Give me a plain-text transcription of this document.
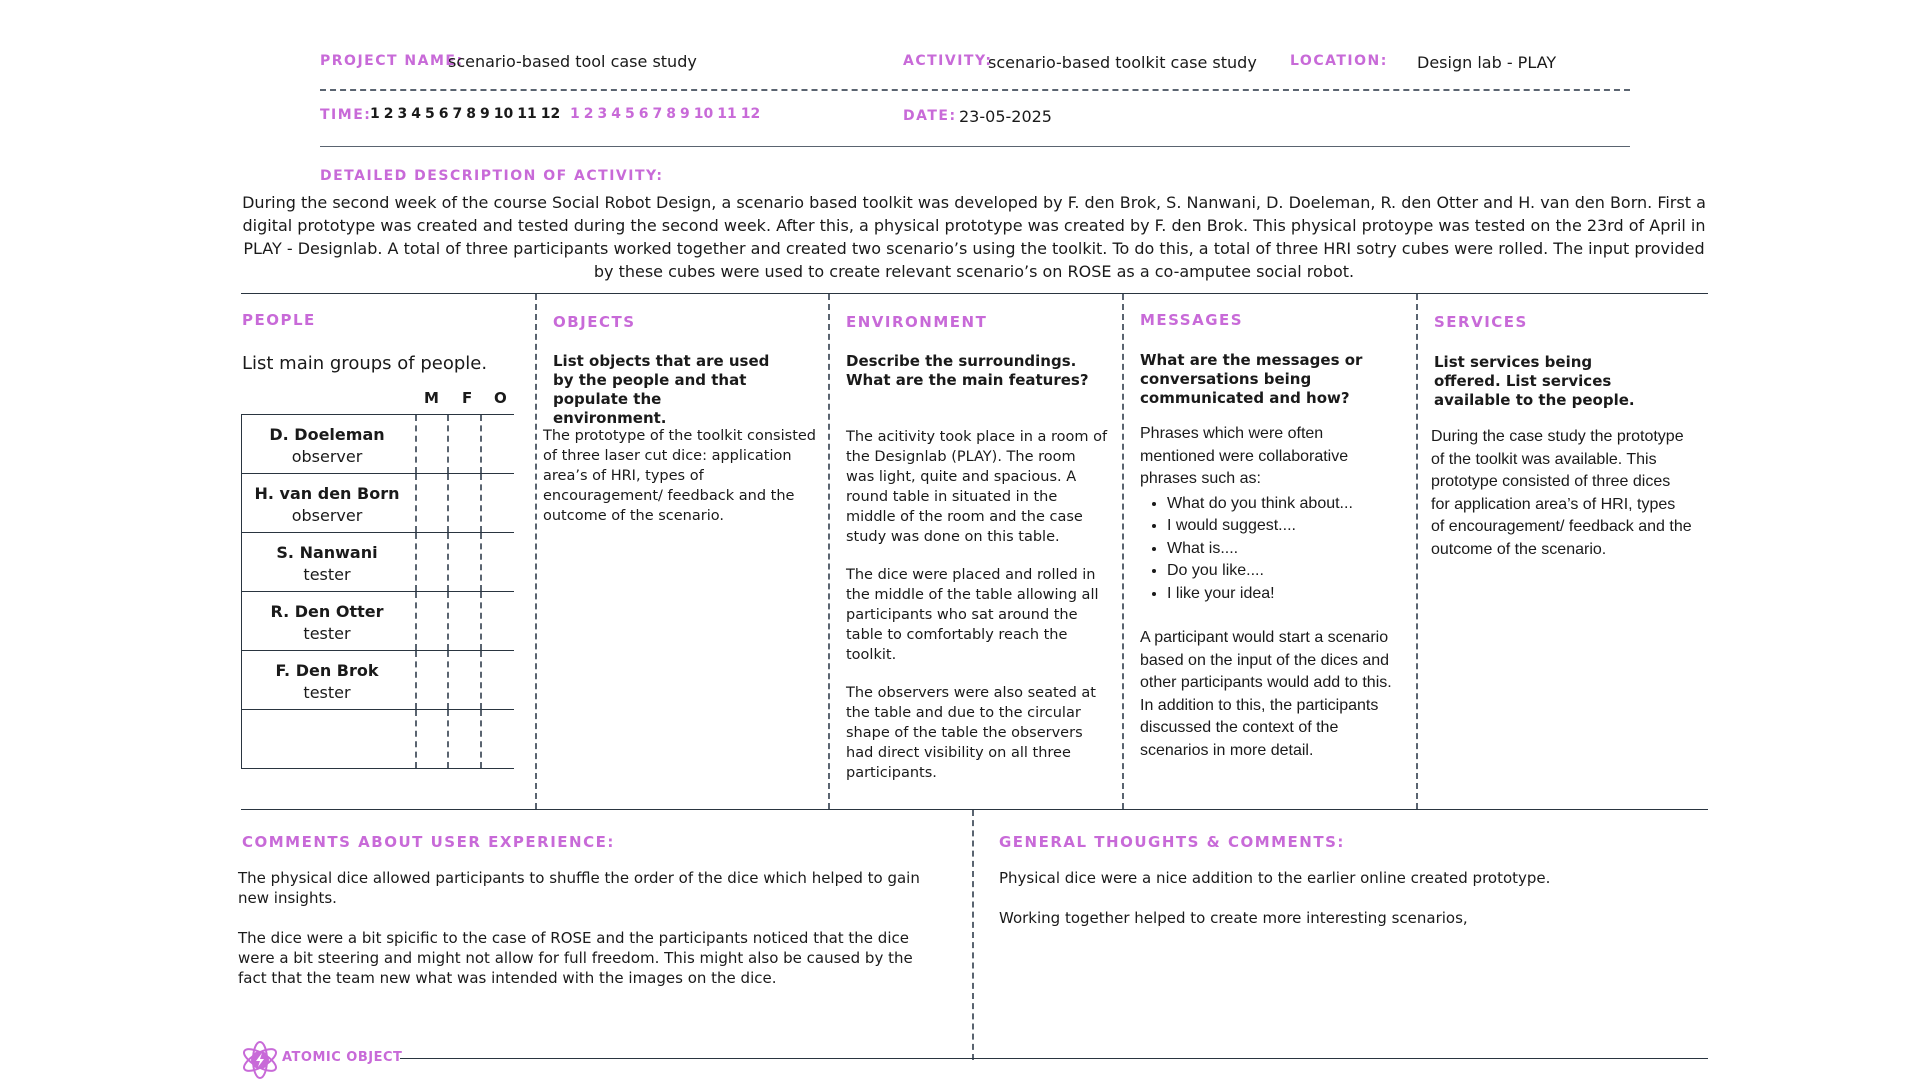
PROJECT NAME:
scenario-based tool case study	ACTIVITY:
scenario-based toolkit case study LOCATION: Design lab - PLAY
TIME:
1 2 3 4 5 6 7 8 9 10 11 12 1 2 3 4 5 6 7 8 9 10 11 12	DATE: 23-05-2025
DETAILED DESCRIPTION OF ACTIVITY:
During the second week of the course Social Robot Design, a scenario based toolkit was developed by F. den Brok, S. Nanwani, D. Doeleman, R. den Otter and H. van den Born. First a digital prototype was created and tested during the second week. After this, a physical prototype was created by F. den Brok. This physical protoype was tested on the 23rd of April in PLAY - Designlab. A total of three participants worked together and created two scenario’s using the toolkit. To do this, a total of three HRI sotry cubes were rolled. The input provided by these cubes were used to create relevant scenario’s on ROSE as a co-amputee social robot.
PEOPLE
List main groups of people.
M F O
D. Doeleman
observer
H. van den Born
observer
S. Nanwani
tester
R. Den Otter
tester
F. Den Brok
tester
OBJECTS
List objects that are used by the people and that populate the environment.
The prototype of the toolkit consisted of three laser cut dice: application area’s of HRI, types of encouragement/ feedback and the outcome of the scenario.
ENVIRONMENT
Describe the surroundings. What are the main features?

The acitivity took place in a room of the Designlab (PLAY). The room was light, quite and spacious. A round table in situated in the middle of the room and the case study was done on this table.

The dice were placed and rolled in the middle of the table allowing all participants who sat around the table to comfortably reach the toolkit.

The observers were also seated at the table and due to the circular shape of the table the observers had direct visibility on all three participants.

MESSAGES
What are the messages or conversations being communicated and how?
Phrases which were often mentioned were collaborative phrases such as:
• What do you think about...
• I would suggest....
• What is....
• Do you like....
• I like your idea!
A participant would start a scenario based on the input of the dices and other participants would add to this. In addition to this, the participants discussed the context of the scenarios in more detail.
SERVICES
List services being offered. List services available to the people.
During the case study the prototype of the toolkit was available. This prototype consisted of three dices for application area’s of HRI, types of encouragement/ feedback and the outcome of the scenario.
COMMENTS ABOUT USER EXPERIENCE:

The physical dice allowed participants to shuffle the order of the dice which helped to gain new insights.

The dice were a bit spicific to the case of ROSE and the participants noticed that the dice were a bit steering and might not allow for full freedom. This might also be caused by the fact that the team new what was intended with the images on the dice.

GENERAL THOUGHTS & COMMENTS:

Physical dice were a nice addition to the earlier online created prototype.

Working together helped to create more interesting scenarios,

ATOMIC OBJECT
